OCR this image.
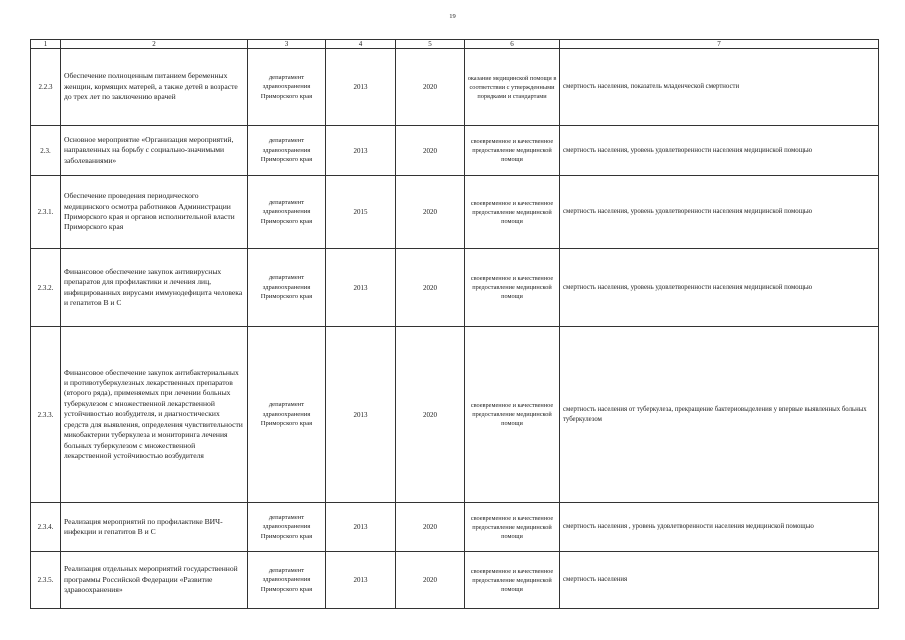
19
1	2	3	4	5	6	7
2.2.3	Обеспечение полноценным питанием беременных женщин, кормящих матерей, а также детей в возрасте до трех лет по заключению врачей	департамент здравоохранения Приморского края	2013	2020	оказание медицинской помощи в соответствии с утвержденными порядками и стандартами	смертность населения, показатель младенческой смертности
2.3.	Основное мероприятие «Организация мероприятий, направленных на борьбу с социально-значимыми заболеваниями»	департамент здравоохранения Приморского края	2013	2020	своевременное и качественное предоставление медицинской помощи	смертность населения, уровень удовлетворенности населения медицинской помощью
2.3.1.	Обеспечение проведения периодического медицинского осмотра работников Администрации Приморского края и органов исполнительной власти Приморского края	департамент здравоохранения Приморского края	2015	2020	своевременное и качественное предоставление медицинской помощи	смертность населения, уровень удовлетворенности населения медицинской помощью
2.3.2.	Финансовое обеспечение закупок антивирусных препаратов для профилактики и лечения лиц, инфицированных вирусами иммунодефицита человека и гепатитов В и С	департамент здравоохранения Приморского края	2013	2020	своевременное и качественное предоставление медицинской помощи	смертность населения, уровень удовлетворенности населения медицинской помощью
2.3.3.	Финансовое обеспечение закупок антибактериальных и противотуберкулезных лекарственных препаратов (второго ряда), применяемых при лечении больных туберкулезом с множественной лекарственной устойчивостью возбудителя, и диагностических средств для выявления, определения чувствительности микобактерии туберкулеза и мониторинга лечения больных туберкулезом с множественной лекарственной устойчивостью возбудителя	департамент здравоохранения Приморского края	2013	2020	своевременное и качественное предоставление медицинской помощи	смертность населения от туберкулеза, прекращение бактериовыделения у впервые выявленных больных туберкулезом
2.3.4.	Реализация мероприятий по профилактике ВИЧ-инфекции и гепатитов В и С	департамент здравоохранения Приморского края	2013	2020	своевременное и качественное предоставление медицинской помощи	смертность населения , уровень удовлетворенности населения медицинской помощью
2.3.5.	Реализация отдельных мероприятий государственной программы Российской Федерации «Развитие здравоохранения»	департамент здравоохранения Приморского края	2013	2020	своевременное и качественное предоставление медицинской помощи	смертность населения
